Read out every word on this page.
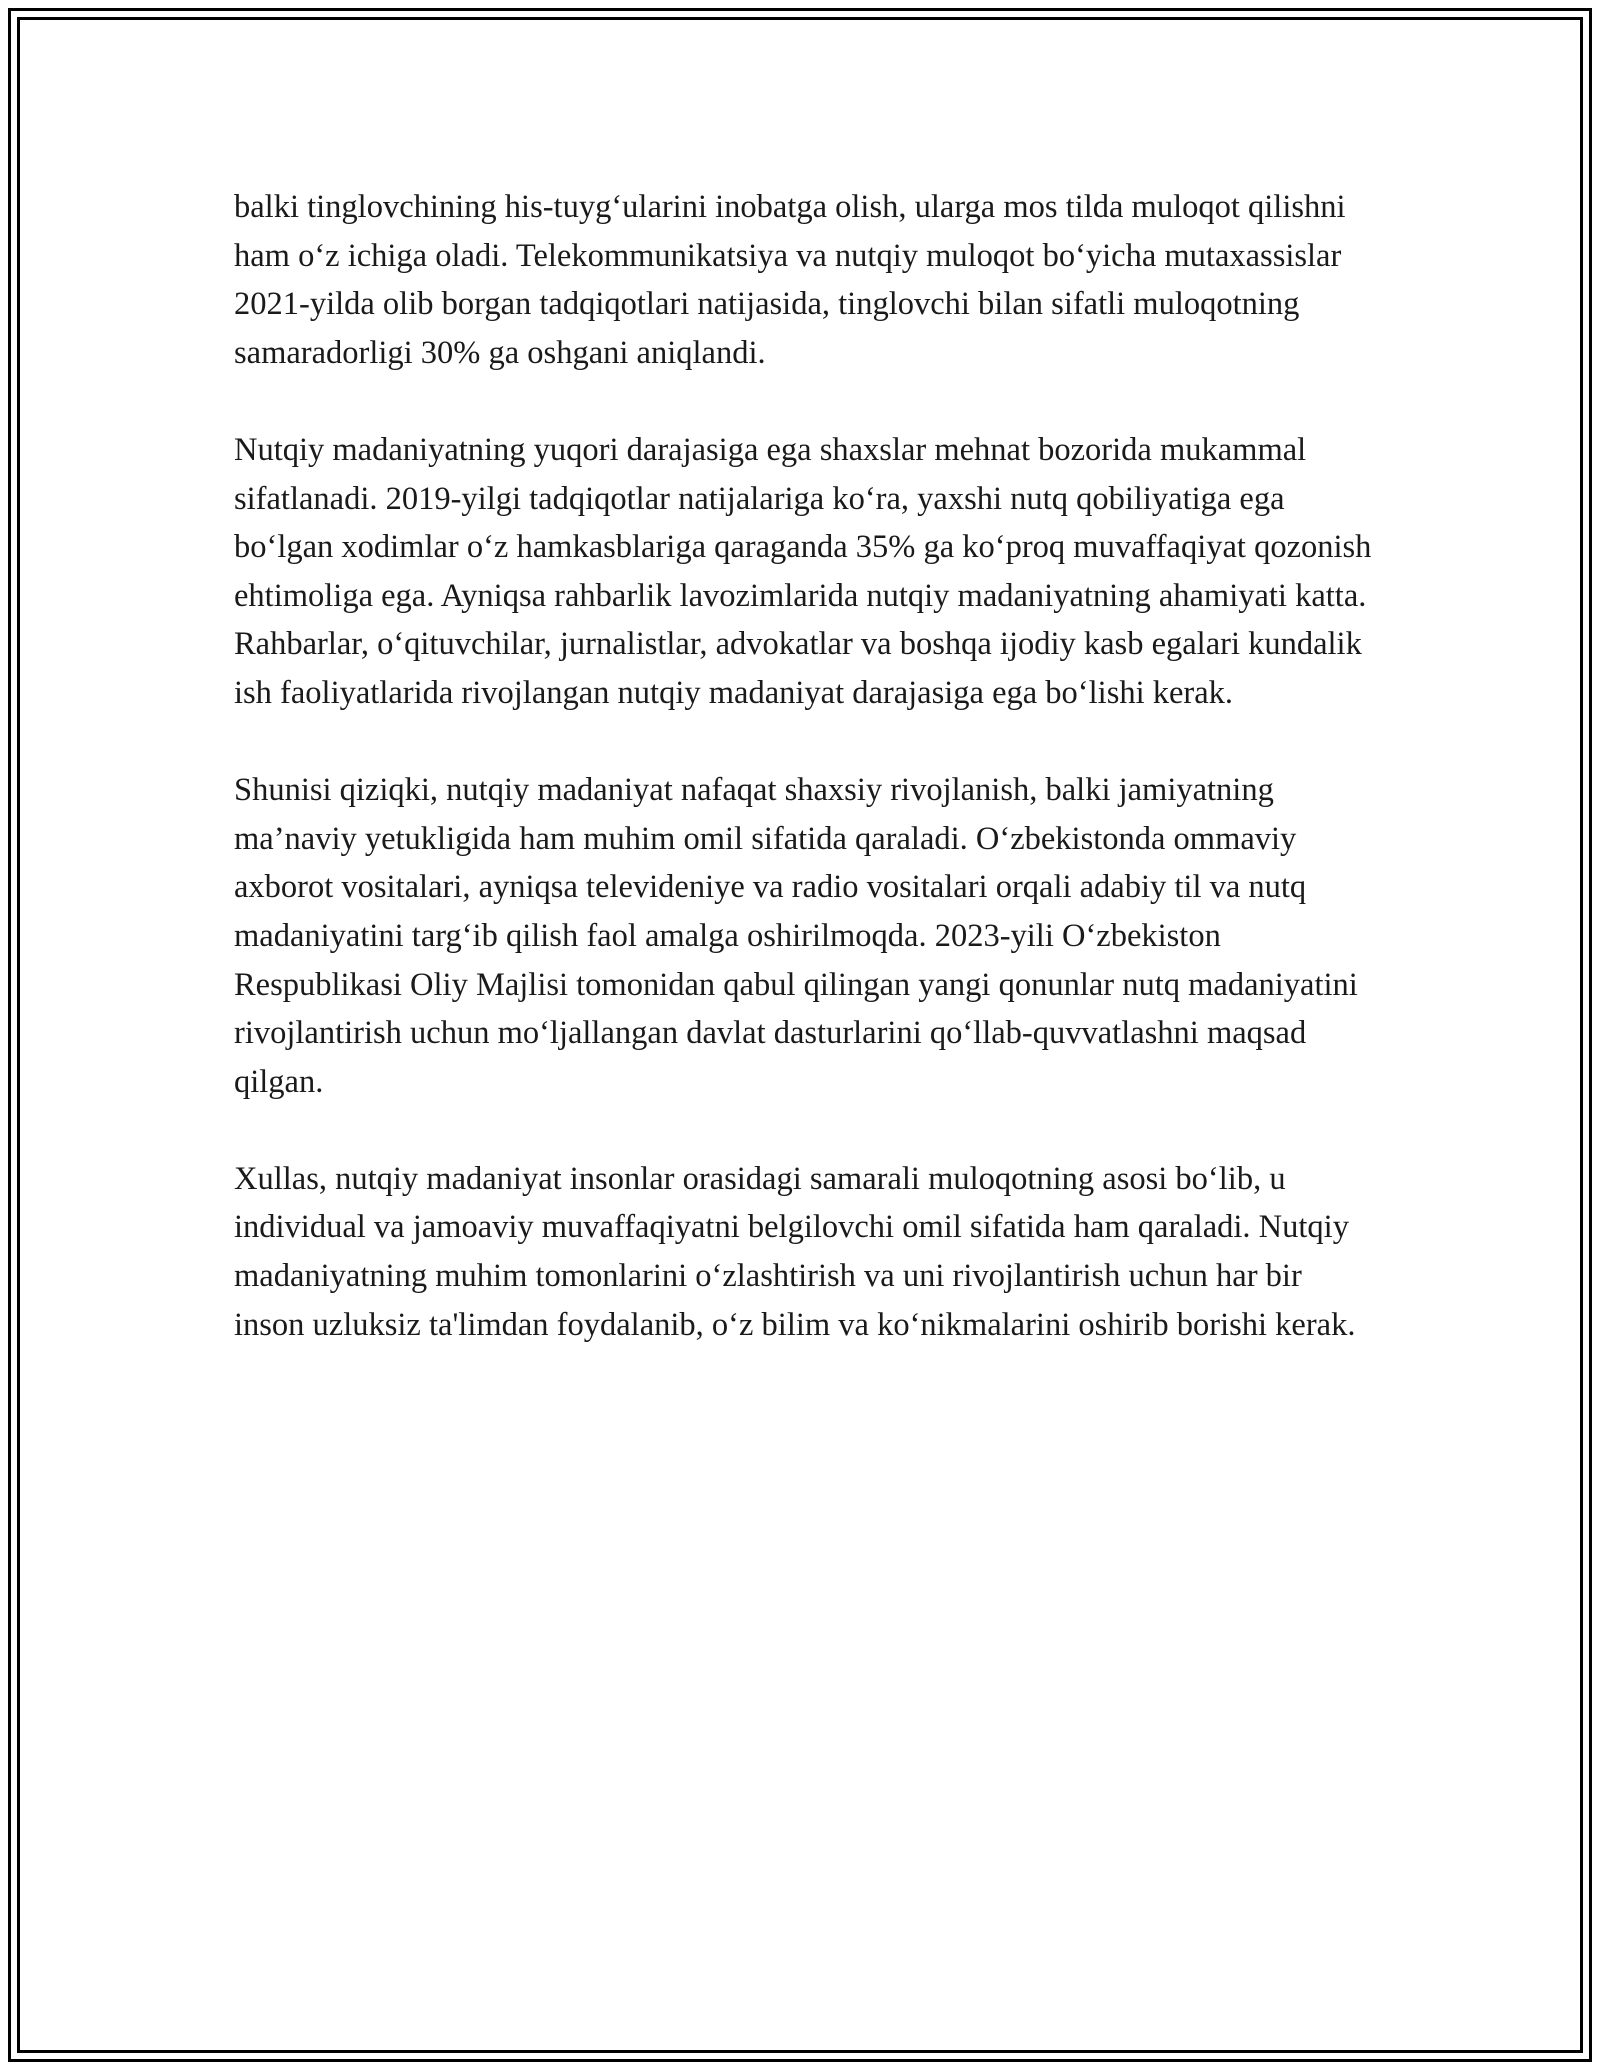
balki tinglovchining his-tuyg‘ularini inobatga olish, ularga mos tilda muloqot qilishni ham o‘z ichiga oladi. Telekommunikatsiya va nutqiy muloqot bo‘yicha mutaxassislar 2021-yilda olib borgan tadqiqotlari natijasida, tinglovchi bilan sifatli muloqotning samaradorligi 30% ga oshgani aniqlandi.

Nutqiy madaniyatning yuqori darajasiga ega shaxslar mehnat bozorida mukammal sifatlanadi. 2019-yilgi tadqiqotlar natijalariga ko‘ra, yaxshi nutq qobiliyatiga ega bo‘lgan xodimlar o‘z hamkasblariga qaraganda 35% ga ko‘proq muvaffaqiyat qozonish ehtimoliga ega. Ayniqsa rahbarlik lavozimlarida nutqiy madaniyatning ahamiyati katta. Rahbarlar, o‘qituvchilar, jurnalistlar, advokatlar va boshqa ijodiy kasb egalari kundalik ish faoliyatlarida rivojlangan nutqiy madaniyat darajasiga ega bo‘lishi kerak.

Shunisi qiziqki, nutqiy madaniyat nafaqat shaxsiy rivojlanish, balki jamiyatning ma’naviy yetukligida ham muhim omil sifatida qaraladi. O‘zbekistonda ommaviy axborot vositalari, ayniqsa televideniye va radio vositalari orqali adabiy til va nutq madaniyatini targ‘ib qilish faol amalga oshirilmoqda. 2023-yili O‘zbekiston Respublikasi Oliy Majlisi tomonidan qabul qilingan yangi qonunlar nutq madaniyatini rivojlantirish uchun mo‘ljallangan davlat dasturlarini qo‘llab-quvvatlashni maqsad qilgan.

Xullas, nutqiy madaniyat insonlar orasidagi samarali muloqotning asosi bo‘lib, u individual va jamoaviy muvaffaqiyatni belgilovchi omil sifatida ham qaraladi. Nutqiy madaniyatning muhim tomonlarini o‘zlashtirish va uni rivojlantirish uchun har bir inson uzluksiz ta'limdan foydalanib, o‘z bilim va ko‘nikmalarini oshirib borishi kerak.
